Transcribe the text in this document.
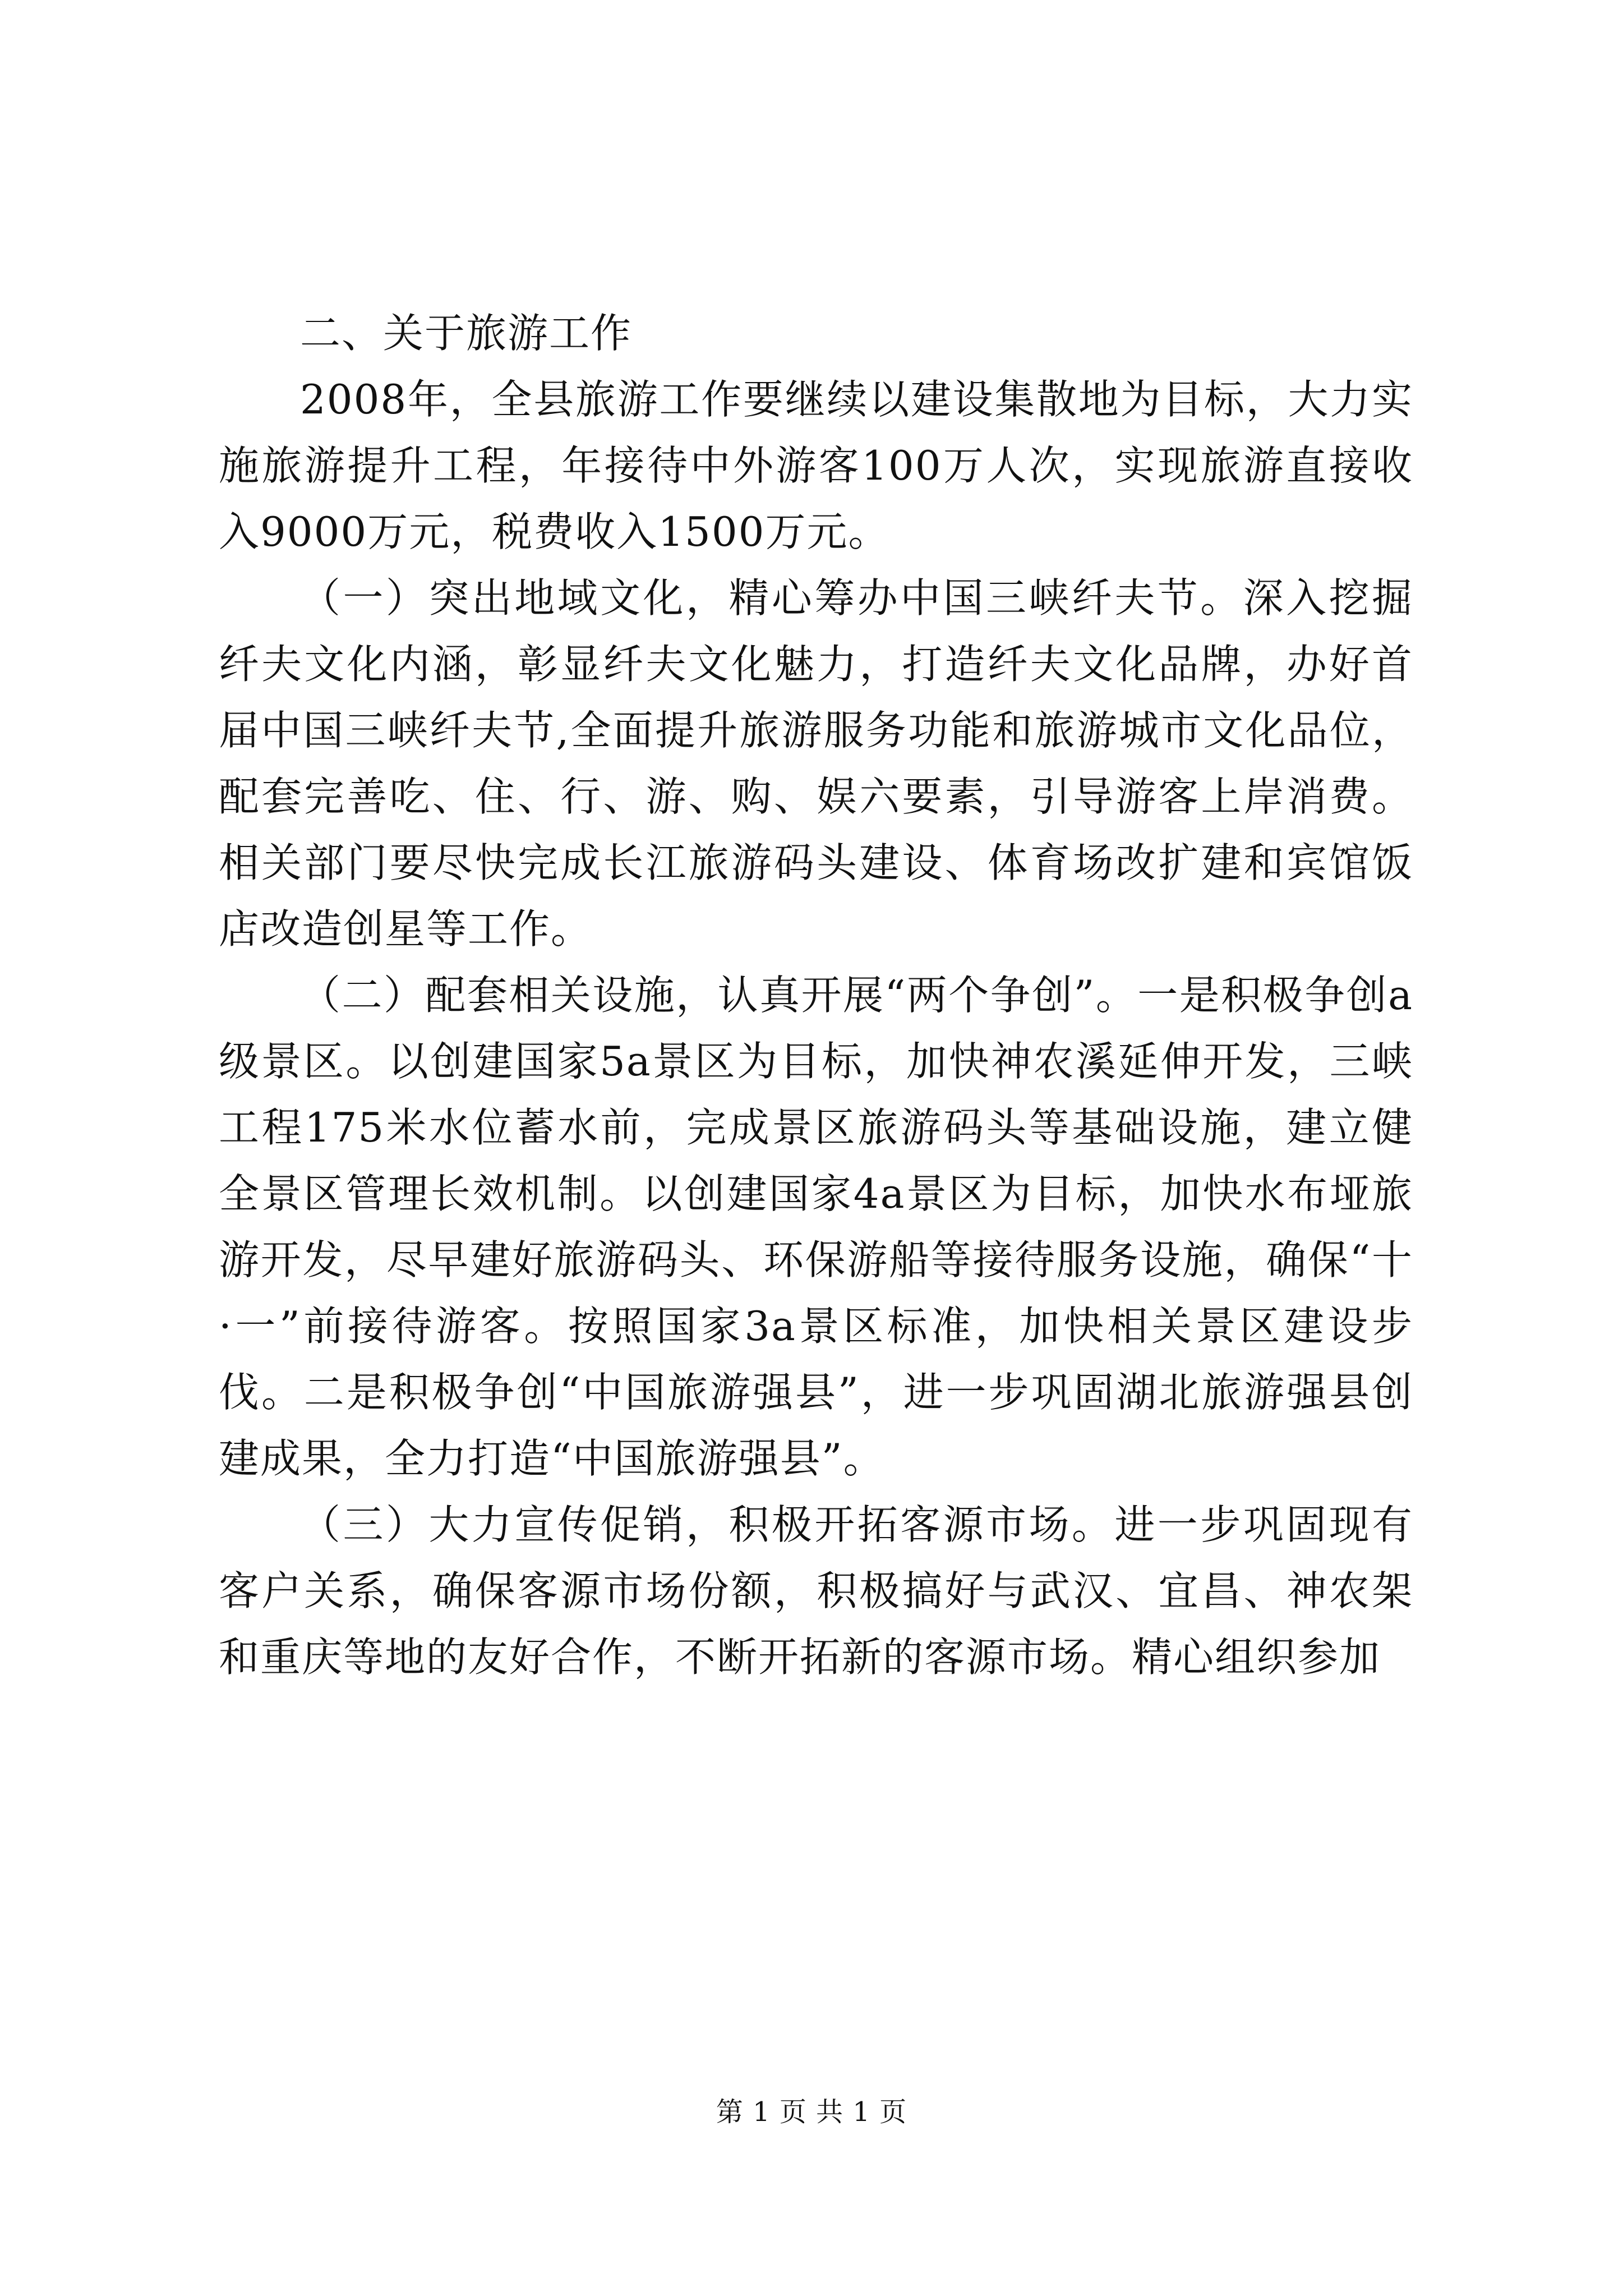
二、关于旅游工作

2008年，全县旅游工作要继续以建设集散地为目标，大力实施旅游提升工程，年接待中外游客100万人次，实现旅游直接收入9000万元，税费收入1500万元。

（一）突出地域文化，精心筹办中国三峡纤夫节。深入挖掘纤夫文化内涵，彰显纤夫文化魅力，打造纤夫文化品牌，办好首届中国三峡纤夫节,全面提升旅游服务功能和旅游城市文化品位，配套完善吃、住、行、游、购、娱六要素，引导游客上岸消费。相关部门要尽快完成长江旅游码头建设、体育场改扩建和宾馆饭店改造创星等工作。

（二）配套相关设施，认真开展“两个争创”。一是积极争创a级景区。以创建国家5a景区为目标，加快神农溪延伸开发，三峡工程175米水位蓄水前，完成景区旅游码头等基础设施，建立健全景区管理长效机制。以创建国家4a景区为目标，加快水布垭旅游开发，尽早建好旅游码头、环保游船等接待服务设施，确保“十·一”前接待游客。按照国家3a景区标准，加快相关景区建设步伐。二是积极争创“中国旅游强县”，进一步巩固湖北旅游强县创建成果，全力打造“中国旅游强县”。

（三）大力宣传促销，积极开拓客源市场。进一步巩固现有客户关系，确保客源市场份额，积极搞好与武汉、宜昌、神农架和重庆等地的友好合作，不断开拓新的客源市场。精心组织参加

第 1 页 共 1 页
